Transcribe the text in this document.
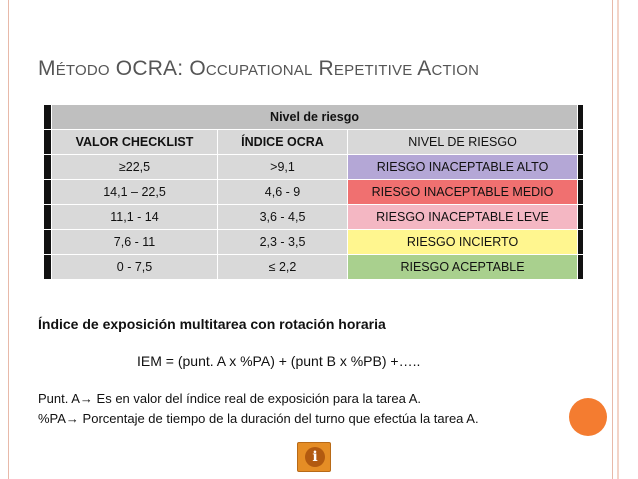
Método OCRA: Occupational Repetitive Action
	Nivel de riesgo			
	VALOR CHECKLIST	ÍNDICE OCRA	NIVEL DE RIESGO	
	≥22,5	>9,1	RIESGO INACEPTABLE ALTO	
	14,1 – 22,5	4,6 - 9	RIESGO INACEPTABLE MEDIO	
	11,1 - 14	3,6 - 4,5	RIESGO INACEPTABLE LEVE	
	7,6 - 11	2,3 - 3,5	RIESGO INCIERTO	
	0 - 7,5	≤ 2,2	RIESGO ACEPTABLE	

Índice de exposición multitarea con rotación horaria

IEM = (punt. A x %PA) + (punt B x %PB) +…..
Punt. A→ Es en valor del índice real de exposición para la tarea A.
%PA→ Porcentaje de tiempo de la duración del turno que efectúa la tarea A.
i
